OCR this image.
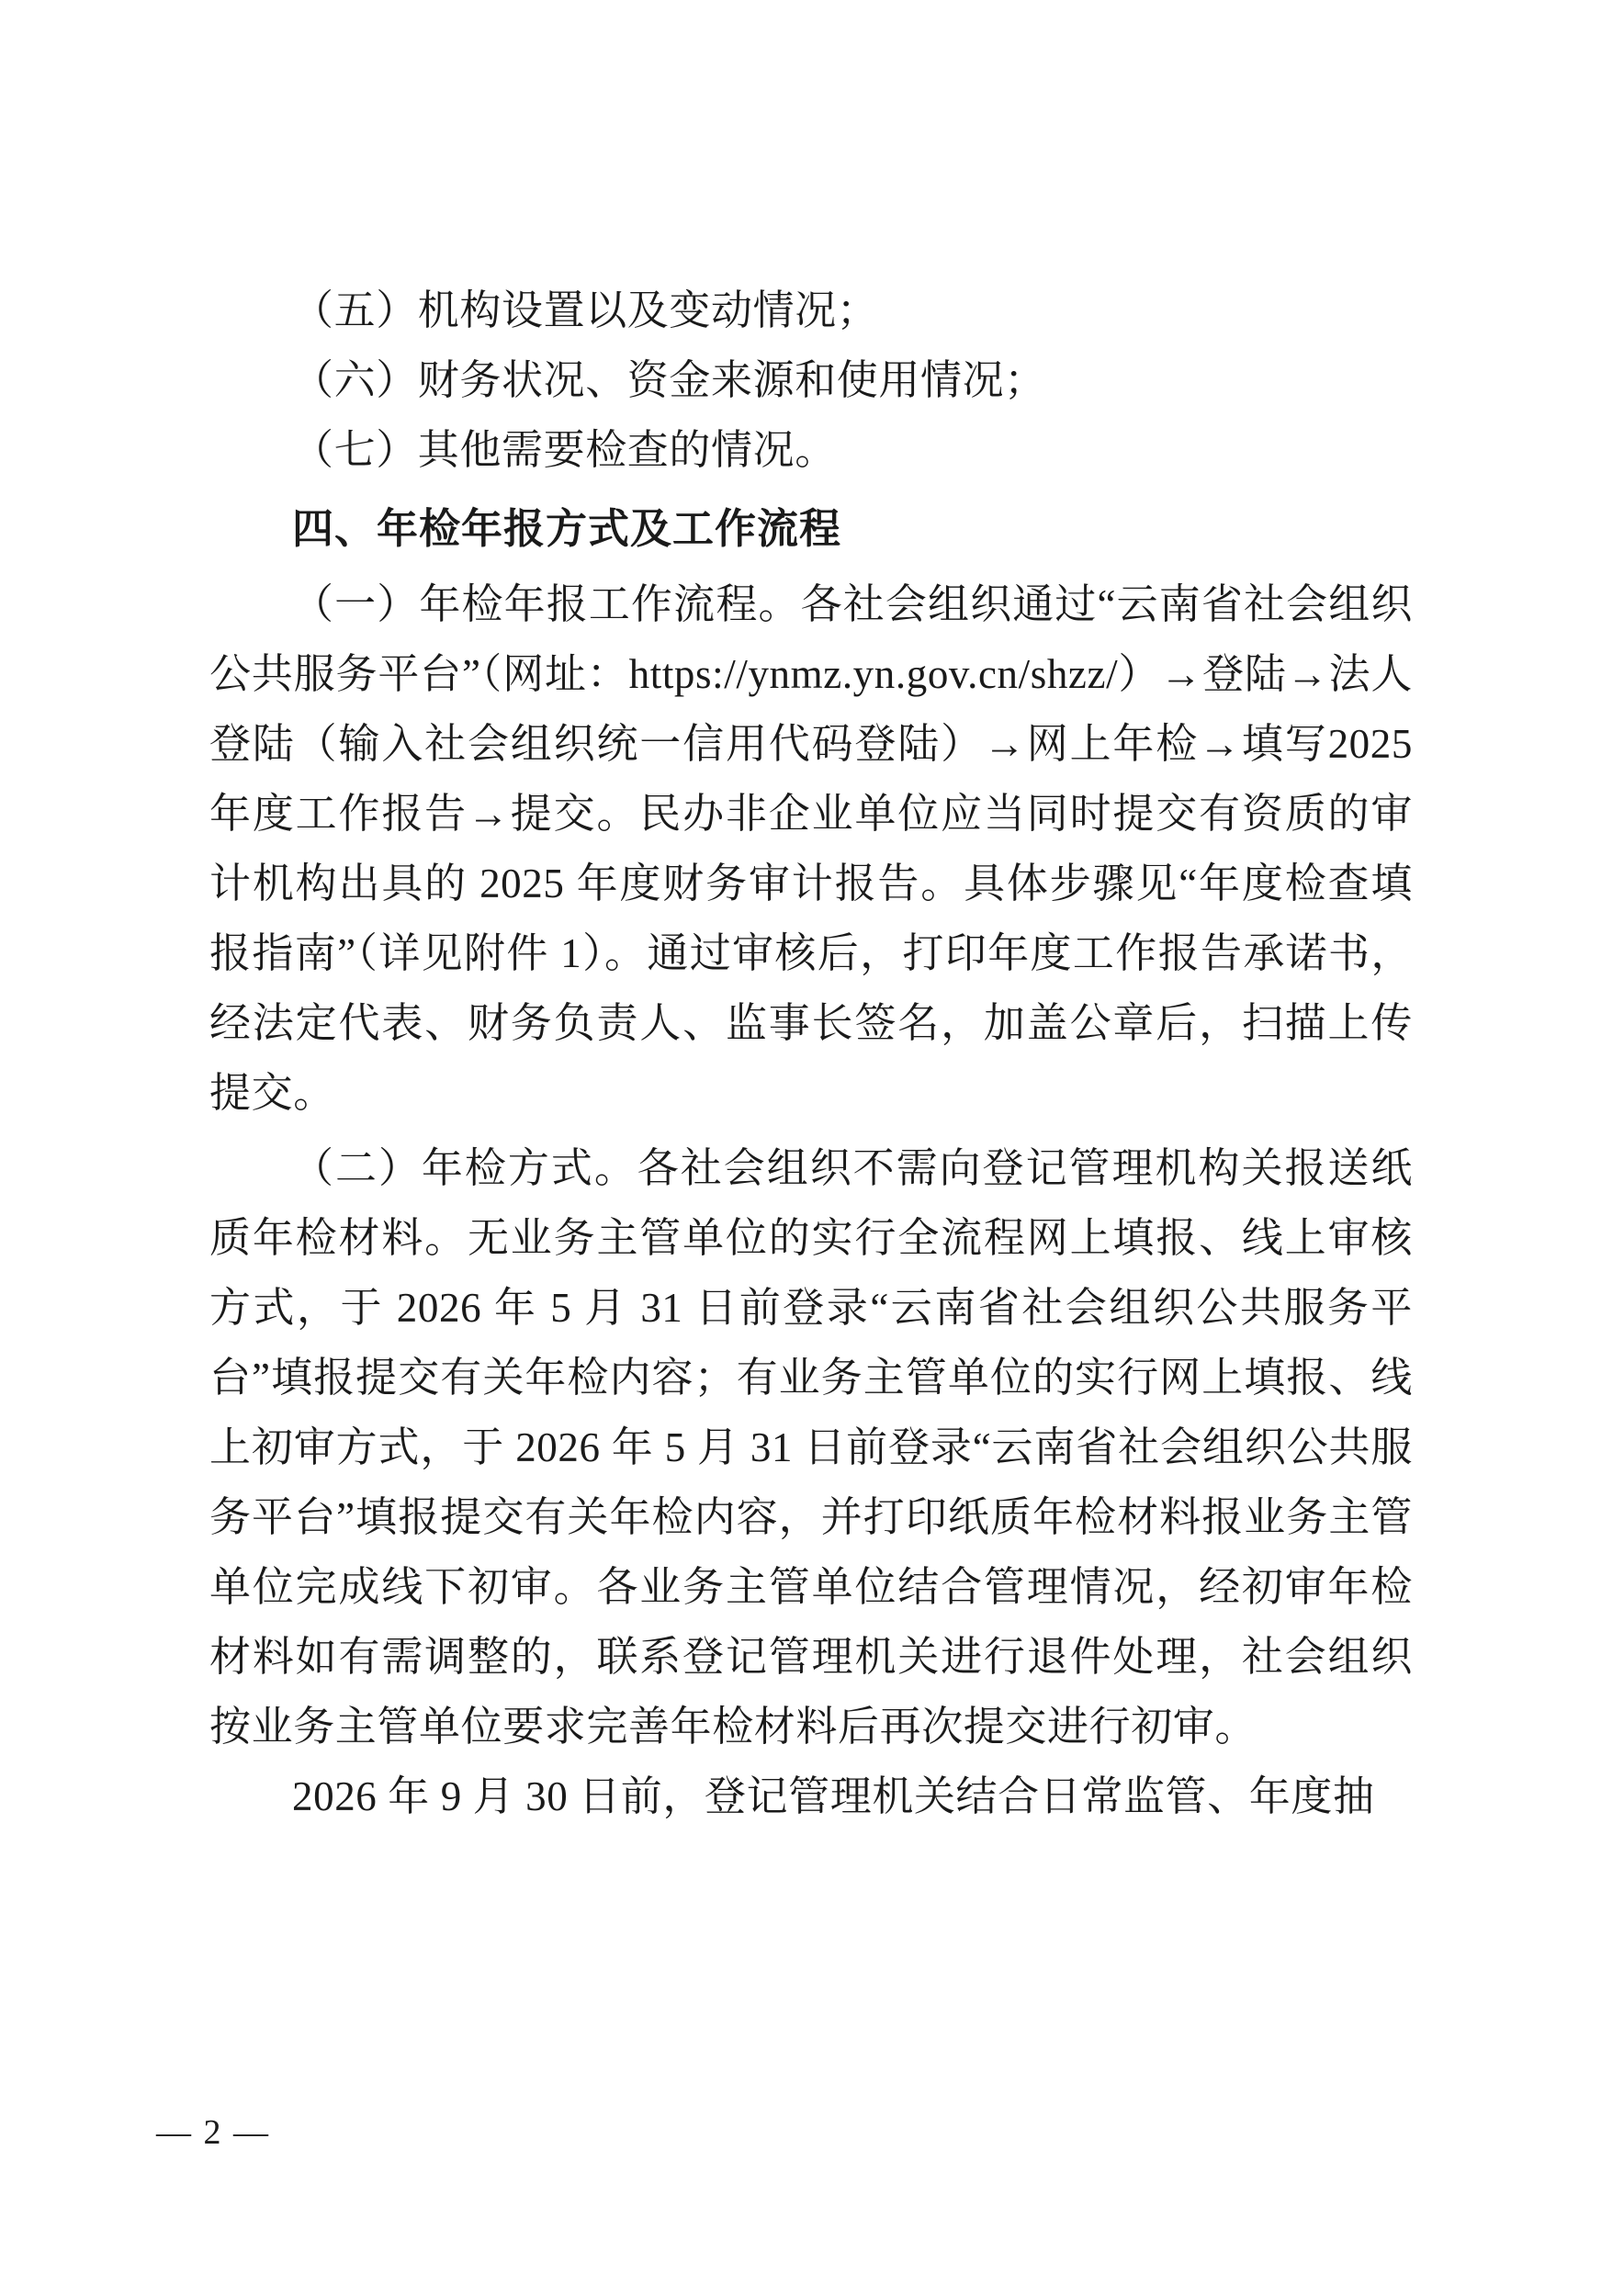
（五）机构设置以及变动情况；

（六）财务状况、资金来源和使用情况；

（七）其他需要检查的情况。

四、年检年报方式及工作流程

（一）年检年报工作流程。各社会组织通过“云南省社会组织公共服务平台”（网址：https://ynmz.yn.gov.cn/shzz/）→登陆→法人登陆（输入社会组织统一信用代码登陆）→网上年检→填写2025 年度工作报告→提交。民办非企业单位应当同时提交有资质的审计机构出具的 2025 年度财务审计报告。具体步骤见“年度检查填报指南”（详见附件 1）。通过审核后，打印年度工作报告承诺书，经法定代表、财务负责人、监事长签名，加盖公章后，扫描上传提交。

（二）年检方式。各社会组织不需向登记管理机构关报送纸质年检材料。无业务主管单位的实行全流程网上填报、线上审核方式，于 2026 年 5 月 31 日前登录“云南省社会组织公共服务平台”填报提交有关年检内容；有业务主管单位的实行网上填报、线上初审方式，于 2026 年 5 月 31 日前登录“云南省社会组织公共服务平台”填报提交有关年检内容，并打印纸质年检材料报业务主管单位完成线下初审。各业务主管单位结合管理情况，经初审年检材料如有需调整的，联系登记管理机关进行退件处理，社会组织按业务主管单位要求完善年检材料后再次提交进行初审。

2026 年 9 月 30 日前，登记管理机关结合日常监管、年度抽

— 2 —
